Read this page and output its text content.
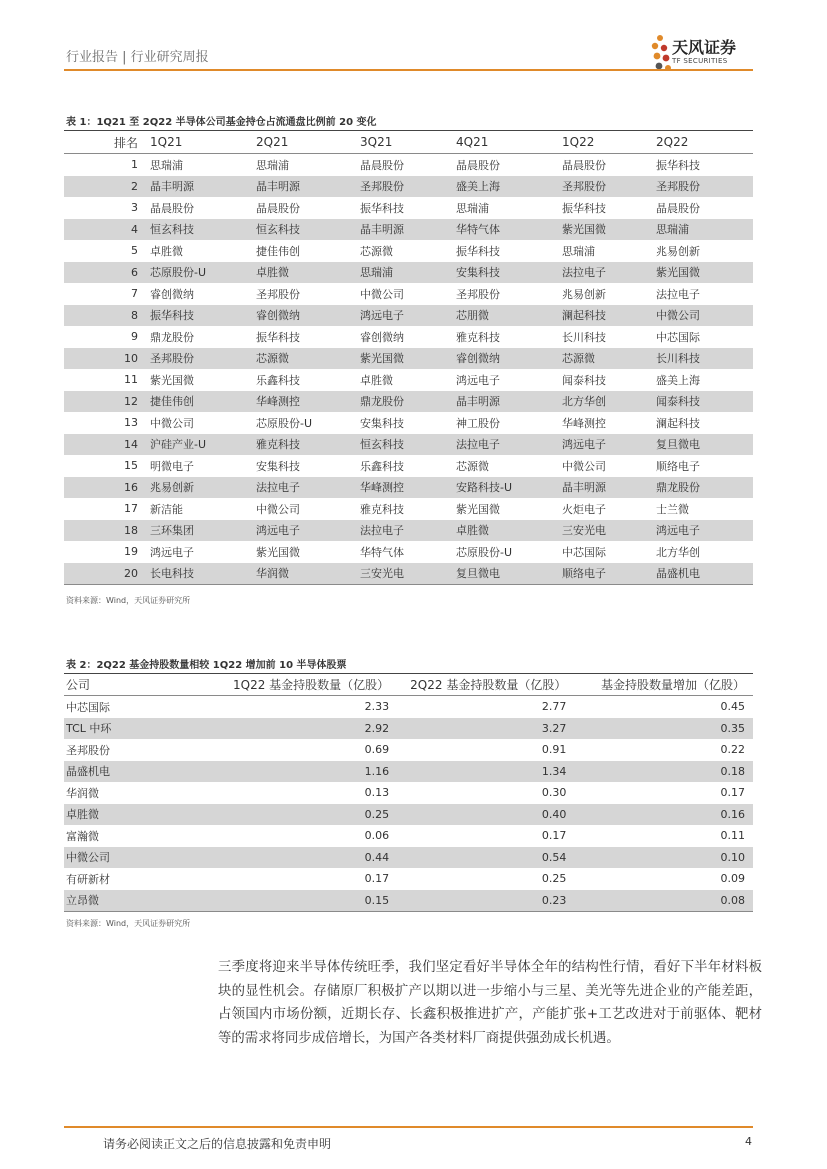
行业报告 | 行业研究周报
天风证券
TF SECURITIES
表 1：1Q21 至 2Q22 半导体公司基金持仓占流通盘比例前 20 变化
排名	1Q21	2Q21	3Q21	4Q21	1Q22	2Q22
1	思瑞浦	思瑞浦	晶晨股份	晶晨股份	晶晨股份	振华科技
2	晶丰明源	晶丰明源	圣邦股份	盛美上海	圣邦股份	圣邦股份
3	晶晨股份	晶晨股份	振华科技	思瑞浦	振华科技	晶晨股份
4	恒玄科技	恒玄科技	晶丰明源	华特气体	紫光国微	思瑞浦
5	卓胜微	捷佳伟创	芯源微	振华科技	思瑞浦	兆易创新
6	芯原股份-U	卓胜微	思瑞浦	安集科技	法拉电子	紫光国微
7	睿创微纳	圣邦股份	中微公司	圣邦股份	兆易创新	法拉电子
8	振华科技	睿创微纳	鸿远电子	芯朋微	澜起科技	中微公司
9	鼎龙股份	振华科技	睿创微纳	雅克科技	长川科技	中芯国际
10	圣邦股份	芯源微	紫光国微	睿创微纳	芯源微	长川科技
11	紫光国微	乐鑫科技	卓胜微	鸿远电子	闻泰科技	盛美上海
12	捷佳伟创	华峰测控	鼎龙股份	晶丰明源	北方华创	闻泰科技
13	中微公司	芯原股份-U	安集科技	神工股份	华峰测控	澜起科技
14	沪硅产业-U	雅克科技	恒玄科技	法拉电子	鸿远电子	复旦微电
15	明微电子	安集科技	乐鑫科技	芯源微	中微公司	顺络电子
16	兆易创新	法拉电子	华峰测控	安路科技-U	晶丰明源	鼎龙股份
17	新洁能	中微公司	雅克科技	紫光国微	火炬电子	士兰微
18	三环集团	鸿远电子	法拉电子	卓胜微	三安光电	鸿远电子
19	鸿远电子	紫光国微	华特气体	芯原股份-U	中芯国际	北方华创
20	长电科技	华润微	三安光电	复旦微电	顺络电子	晶盛机电
资料来源：Wind，天风证券研究所
表 2：2Q22 基金持股数量相较 1Q22 增加前 10 半导体股票
公司	1Q22 基金持股数量（亿股）	2Q22 基金持股数量（亿股）	基金持股数量增加（亿股）
中芯国际	2.33	2.77	0.45
TCL 中环	2.92	3.27	0.35
圣邦股份	0.69	0.91	0.22
晶盛机电	1.16	1.34	0.18
华润微	0.13	0.30	0.17
卓胜微	0.25	0.40	0.16
富瀚微	0.06	0.17	0.11
中微公司	0.44	0.54	0.10
有研新材	0.17	0.25	0.09
立昂微	0.15	0.23	0.08
资料来源：Wind，天风证券研究所

三季度将迎来半导体传统旺季，我们坚定看好半导体全年的结构性行情，看好下半年材料板块的显性机会。存储原厂积极扩产以期以进一步缩小与三星、美光等先进企业的产能差距，占领国内市场份额，近期长存、长鑫积极推进扩产，产能扩张+工艺改进对于前驱体、靶材等的需求将同步成倍增长，为国产各类材料厂商提供强劲成长机遇。

请务必阅读正文之后的信息披露和免责申明	4
